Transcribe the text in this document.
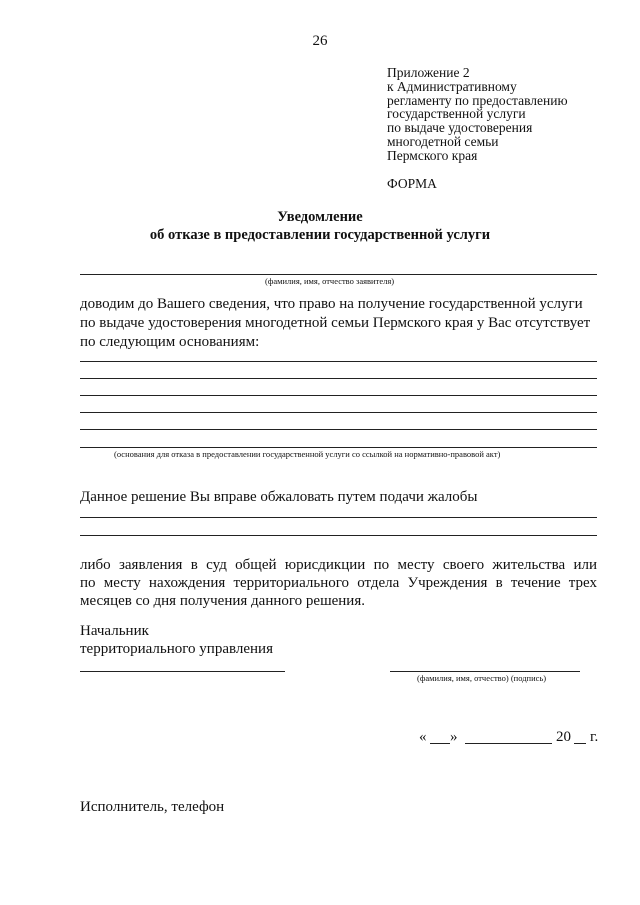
26
Приложение 2
к Административному
регламенту по предоставлению
государственной услуги
по выдаче удостоверения
многодетной семьи
Пермского края
ФОРМА
Уведомление
об отказе в предоставлении государственной услуги
(фамилия, имя, отчество заявителя)
доводим до Вашего сведения, что право на получение государственной услуги
по выдаче удостоверения многодетной семьи Пермского края у Вас отсутствует
по следующим основаниям:
(основания для отказа в предоставлении государственной услуги со ссылкой на нормативно-правовой акт)
Данное решение Вы вправе обжаловать путем подачи жалобы
либо заявления в суд общей юрисдикции по месту своего жительства или
по месту нахождения территориального отдела Учреждения в течение трех
месяцев со дня получения данного решения.
Начальник
территориального управления
(фамилия, имя, отчество) (подпись)
« »	20 г.
Исполнитель, телефон
